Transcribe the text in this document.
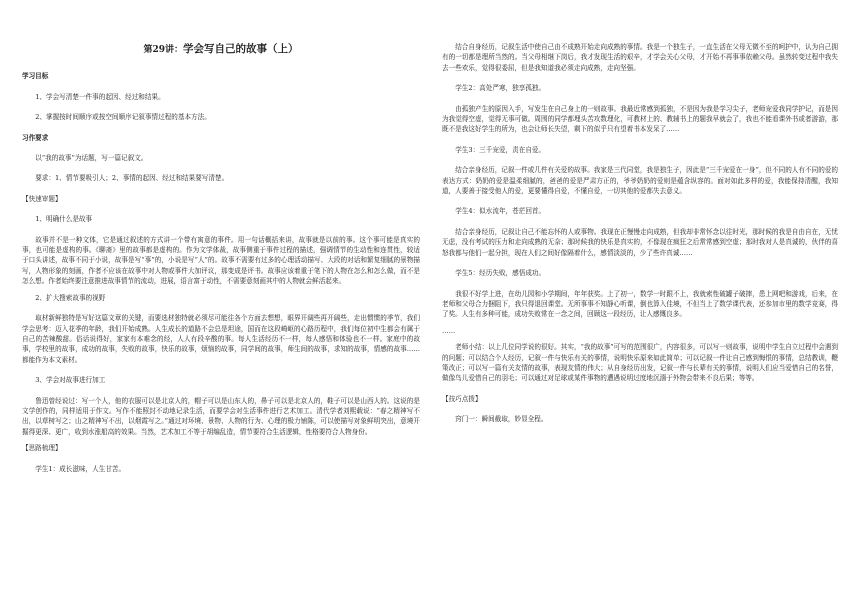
第29讲：学会写自己的故事（上）

学习目标

1、学会写清楚一件事的起因、经过和结果。

2、掌握按时间顺序或按空间顺序记叙事情过程的基本方法。

习作要求

以“我的故事”为话题，写一篇记叙文。

要求：1、情节要吸引人；2、事情的起因、经过和结果要写清楚。

【快速审题】

1、明确什么是故事

故事并不是一种文体，它是通过叙述的方式讲一个带有寓意的事件。用一句话概括来讲，故事就是以前的事。这个事可能是真实的事，也可能是虚构的事。《聊斋》里的故事都是虚构的。作为文学体裁，故事侧重于事件过程的描述，强调情节的生动性和连贯性，较适于口头讲述，故事不同于小说，故事是写“事”的，小说是写“人”的。故事不需要有过多的心理活动描写、大段的对话和繁复细腻的景物描写，人物形象的刻画，作者不应该在故事中对人物或事件大加评议，那变成是评书。故事应该着重于笔下的人物在怎么和怎么做，而不是怎么想。作者始终要注意推进故事情节的流动，进展，语言富于动性，不需要意刻画其中的人物就会鲜活起来。

2、扩大搜索故事的视野

取材新鲜独特是写好这篇文章的关键，而要选材独特就必须尽可能往各个方面去想想，眼界开阔些再开阔些，走出惯惯的季节，我们学会思考：迈入花季的年龄，我们开始成熟。人生成长的道路不会总是坦途，国而在这段崎岖的心路历程中，我们每位初中生都会有属于自己的苦辣酸甜。俗话说得好，家家有本难念的经，人人有段辛酸的事。每人生活经历不一样，每人感悟和体验也不一样。家庭中的故事，学校里的故事，成功的故事，失败的故事，快乐的故事，烦恼的故事，同学间的故事，师生间的故事，求知的故事，情感的故事……都能作为本文素材。

3、学会对故事进行加工

鲁迅曾经说过：写一个人，他的衣服可以是北京人的，帽子可以是山东人的，鼻子可以是北京人的，鞋子可以是山西人的。这说的是文学创作的，同样适用于作文。写作不能照封不动地记录生活，而要学会对生活事件进行艺术加工。清代学者刘熙载说：“春之精神写不出，以草树写之；山之精神写不出，以烟霞写之。”通过对环境、景物、人物的行为、心理的极力铺陈，可以使描写对象鲜明突出，意境开掘得更深、更广，收到水涨船高的效果。当然，艺术加工不等于胡编乱造，情节要符合生活逻辑，性格要符合人物身份。

【思路梳理】

学生1：成长滋味，人生甘苦。

结合自身经历，记叙生活中使自己由不成熟开始走向成熟的事情。我是一个独生子，一直生活在父母无微不至的呵护中，认为自己拥有的一切都是理所当然的。当父母相继下岗后，我才发现生活的艰辛，才学会关心父母，才开始不再事事依赖父母。虽然转变过程中我失去一些欢乐，觉得很委屈，但是我知道我必须走向成熟，走向坚强。

学生2：高处严寒，独享孤独。

由孤独产生的原因入手，写发生在自己身上的一则故事。我最近常感到孤独，不是因为我是学习尖子，老师宠爱我同学护记，而是因为我觉得空虚，觉得无事可做。周围的同学都埋头苦攻数理化，可教材上的、教辅书上的题我早就会了，我也不能看课外书或者游游，那既不是我这好学生的所为，也会让师长失望，剩下的似乎只有望着书本发呆了……

学生3：三千宠爱，责在自爱。

结合亲身经历，记叙一件或几件有关爱的故事。我家是三代同堂，我是独生子，因此是“三千宠爱在一身”，但不同的人有不同的爱的表达方式：奶奶的爱是温柔细腻的，爸爸的爱是严肃方正的，爷爷奶奶的爱则是蕴含纵容的。面对如此多样的爱，我能保持清醒，我知道，人要善于接受他人的爱，更要懂得自爱，不懂自爱，一切其他的爱都失去意义。

学生4：似水流年，苍茫回首。

结合亲身经历，记叙让自己不能忘怀的人或事物。我现在正慢慢走向成熟，但我却非常怀念以往时光，那时候的我是自由自在，无忧无虑，没有考试的压力和走向成熟的无奈；那时候我的快乐是真实的，不像现在疯狂之后常常感到空虚；那时我对人是真诚的，伙伴的喜怒我都与他们一起分担，现在人们之间好像隔着什么，感情淡淡的，少了些许真诚……

学生5：经历失败，感悟成功。

我很不好学上进，在幼儿园和小学期间，年年获奖。上了初一，数学一时跟不上，我就索性破罐子破摔，患上网吧和游戏，后来，在老师和父母合力捆阻下，我只得退回课堂。无所事事不知静心听课，倒也算入佳境，不但当上了数学课代表，还参加市里的数学竞赛，得了奖。人生有多种可能，成功失败常在一念之间，回顾这一段经历，让人感慨良多。

……

老师小结：以上几位同学说的很好。其实，“我的故事”可写的范围很广，内容很多，可以写一则故事，说明中学生自立过程中会遇到的问题；可以结合个人经历，记叙一件与快乐有关的事情，说明快乐原来如此简单；可以记叙一件让自己感到悔恨的事情，总结教训，鞭策改正；可以写一篇有关友情的故事，表现友情的伟大；从自身经历出发，记叙一件与长辈有关的事情，说明人们应当爱惜自己的名誉，做像鸟儿爱惜自己的羽毛；可以通过对足球或某件事物的遭遇说明过度地沉湎于外物会带来不良后果；等等。

【技巧点拨】

窍门一：瞬间截取，妙显全程。
